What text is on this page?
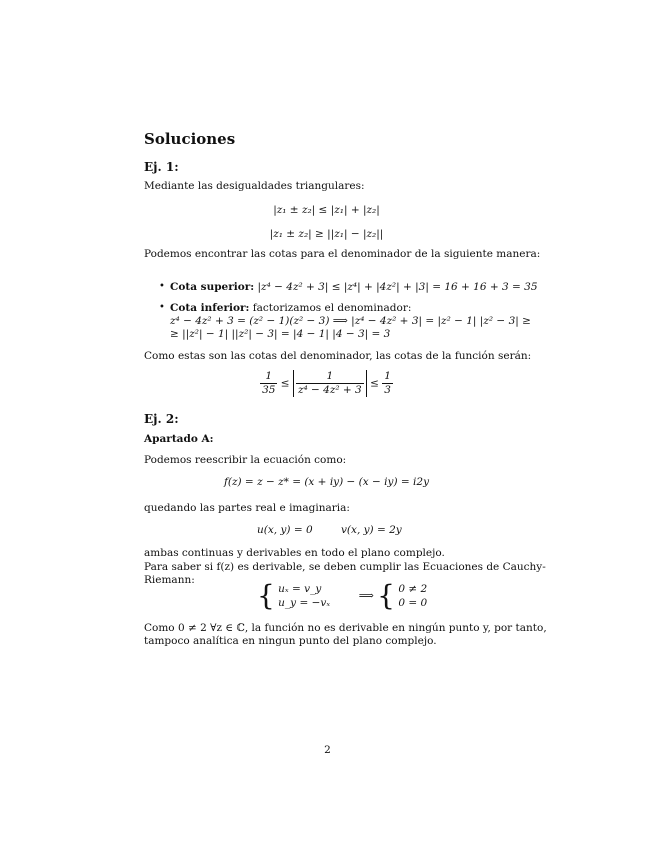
Soluciones
Ej. 1:
Mediante las desigualdades triangulares:
|z₁ ± z₂| ≤ |z₁| + |z₂|
|z₁ ± z₂| ≥ ||z₁| − |z₂||
Podemos encontrar las cotas para el denominador de la siguiente manera:
• Cota superior: |z⁴ − 4z² + 3| ≤ |z⁴| + |4z²| + |3| = 16 + 16 + 3 = 35
• Cota inferior: factorizamos el denominador:
z⁴ − 4z² + 3 = (z² − 1)(z² − 3) ⟹ |z⁴ − 4z² + 3| = |z² − 1| |z² − 3| ≥
≥ ||z²| − 1| ||z²| − 3| = |4 − 1| |4 − 3| = 3
Como estas son las cotas del denominador, las cotas de la función serán:
$\frac{1}{35} \le \frac{1}{\text{z⁴ − 4z² + 3}} \le \frac{1}{3}$
Ej. 2:
Apartado A:
Podemos reescribir la ecuación como:
f(z) = z − z* = (x + iy) − (x − iy) = i2y
quedando las partes real e imaginaria:
u(x, y) = 0	v(x, y) = 2y
ambas continuas y derivables en todo el plano complejo.
Para saber si f(z) es derivable, se deben cumplir las Ecuaciones de Cauchy-
Riemann: { uₓ = v_y
u_y = −vₓ
⟹ { 0 ≠ 2
0 = 0
Como 0 ≠ 2 ∀z ∈ ℂ, la función no es derivable en ningún punto y, por tanto,
tampoco analítica en ningun punto del plano complejo.
2
